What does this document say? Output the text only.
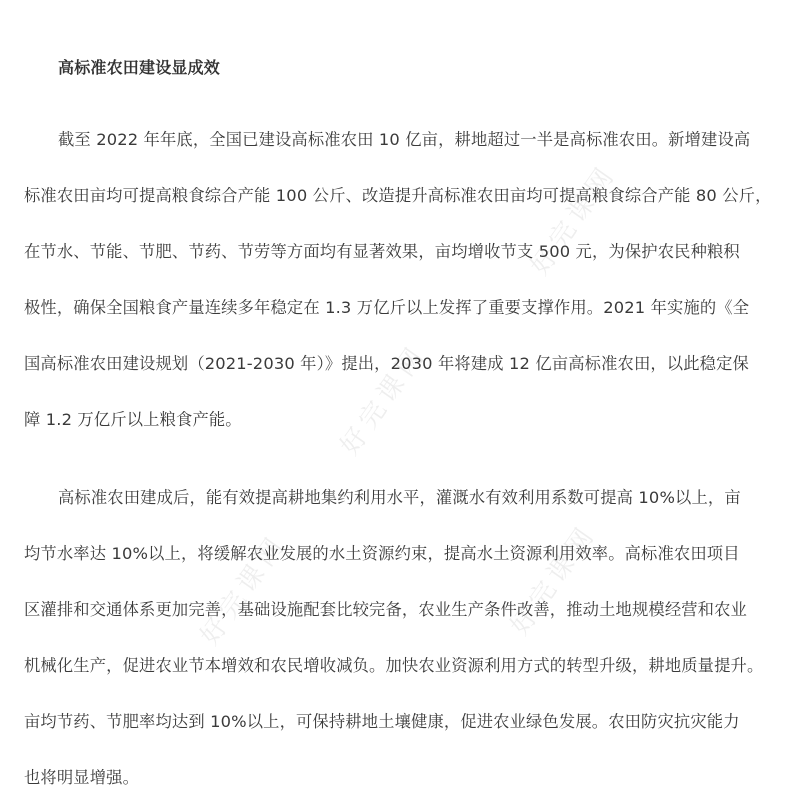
好完课网
好完课网
好完课网	好完课网
高标准农田建设显成效
截至 2022 年年底，全国已建设高标准农田 10 亿亩，耕地超过一半是高标准农田。新增建设高
标准农田亩均可提高粮食综合产能 100 公斤、改造提升高标准农田亩均可提高粮食综合产能 80 公斤，
在节水、节能、节肥、节药、节劳等方面均有显著效果，亩均增收节支 500 元，为保护农民种粮积
极性，确保全国粮食产量连续多年稳定在 1.3 万亿斤以上发挥了重要支撑作用。2021 年实施的《全
国高标准农田建设规划（2021-2030 年）》提出，2030 年将建成 12 亿亩高标准农田，以此稳定保
障 1.2 万亿斤以上粮食产能。
高标准农田建成后，能有效提高耕地集约利用水平，灌溉水有效利用系数可提高 10%以上，亩
均节水率达 10%以上，将缓解农业发展的水土资源约束，提高水土资源利用效率。高标准农田项目
区灌排和交通体系更加完善，基础设施配套比较完备，农业生产条件改善，推动土地规模经营和农业
机械化生产，促进农业节本增效和农民增收减负。加快农业资源利用方式的转型升级，耕地质量提升。
亩均节药、节肥率均达到 10%以上，可保持耕地土壤健康，促进农业绿色发展。农田防灾抗灾能力
也将明显增强。
